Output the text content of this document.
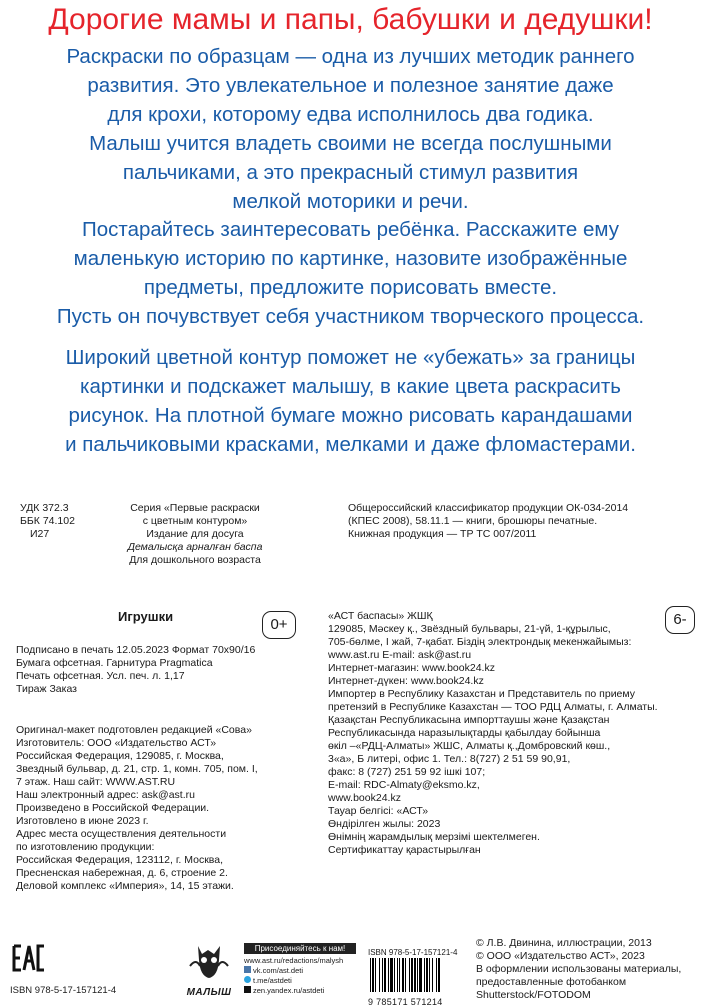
Дорогие мамы и папы, бабушки и дедушки!
Раскраски по образцам — одна из лучших методик раннего
развития. Это увлекательное и полезное занятие даже
для крохи, которому едва исполнилось два годика.
Малыш учится владеть своими не всегда послушными
пальчиками, а это прекрасный стимул развития
мелкой моторики и речи.
Постарайтесь заинтересовать ребёнка. Расскажите ему
маленькую историю по картинке, назовите изображённые
предметы, предложите порисовать вместе.
Пусть он почувствует себя участником творческого процесса.
Широкий цветной контур поможет не «убежать» за границы
картинки и подскажет малышу, в какие цвета раскрасить
рисунок. На плотной бумаге можно рисовать карандашами
и пальчиковыми красками, мелками и даже фломастерами.
УДК 372.3
ББК 74.102
И27
Серия «Первые раскраски
с цветным контуром»
Издание для досуга
Демалысқа арналған баспа
Для дошкольного возраста
Общероссийский классификатор продукции ОК-034-2014
(КПЕС 2008), 58.11.1 — книги, брошюры печатные.
Книжная продукция — ТР ТС 007/2011
Игрушки	0+	6-
Подписано в печать 12.05.2023 Формат 70х90/16
Бумага офсетная. Гарнитура Pragmatica
Печать офсетная. Усл. печ. л. 1,17
Тираж Заказ
Оригинал-макет подготовлен редакцией «Сова»
Изготовитель: ООО «Издательство АСТ»
Российская Федерация, 129085, г. Москва,
Звездный бульвар, д. 21, стр. 1, комн. 705, пом. I,
7 этаж. Наш сайт: WWW.AST.RU
Наш электронный адрес: ask@ast.ru
Произведено в Российской Федерации.
Изготовлено в июне 2023 г.
Адрес места осуществления деятельности
по изготовлению продукции:
Российская Федерация, 123112, г. Москва,
Пресненская набережная, д. 6, строение 2.
Деловой комплекс «Империя», 14, 15 этажи.
«АСТ баспасы» ЖШҚ
129085, Мәскеу қ., Звёздный бульвары, 21-үй, 1-құрылыс,
705-бөлме, I жай, 7-қабат. Біздің электрондық мекенжайымыз:
www.ast.ru E-mail: ask@ast.ru
Интернет-магазин: www.book24.kz
Интернет-дүкен: www.book24.kz
Импортер в Республику Казахстан и Представитель по приему
претензий в Республике Казахстан — ТОО РДЦ Алматы, г. Алматы.
Қазақстан Республикасына импорттаушы және Қазақстан
Республикасында наразылықтарды қабылдау бойынша
өкіл –«РДЦ-Алматы» ЖШС, Алматы қ.,Домбровский көш.,
3«а», Б литері, офис 1. Тел.: 8(727) 2 51 59 90,91,
факс: 8 (727) 251 59 92 ішкі 107;
E-mail: RDC-Almaty@eksmo.kz,
www.book24.kz
Тауар белгісі: «АСТ»
Өндірілген жылы: 2023
Өнімнің жарамдылық мерзімі шектелмеген.
Сертификаттау қарастырылған
ISBN 978-5-17-157121-4	МАЛЫШ
Присоединяйтесь к нам!
www.ast.ru/redactions/malysh
vk.com/ast.deti
t.me/astdeti
zen.yandex.ru/astdeti
ISBN 978-5-17-157121-4
9 785171 571214
© Л.В. Двинина, иллюстрации, 2013
© ООО «Издательство АСТ», 2023
В оформлении использованы материалы,
предоставленные фотобанком
Shutterstock/FOTODOM
